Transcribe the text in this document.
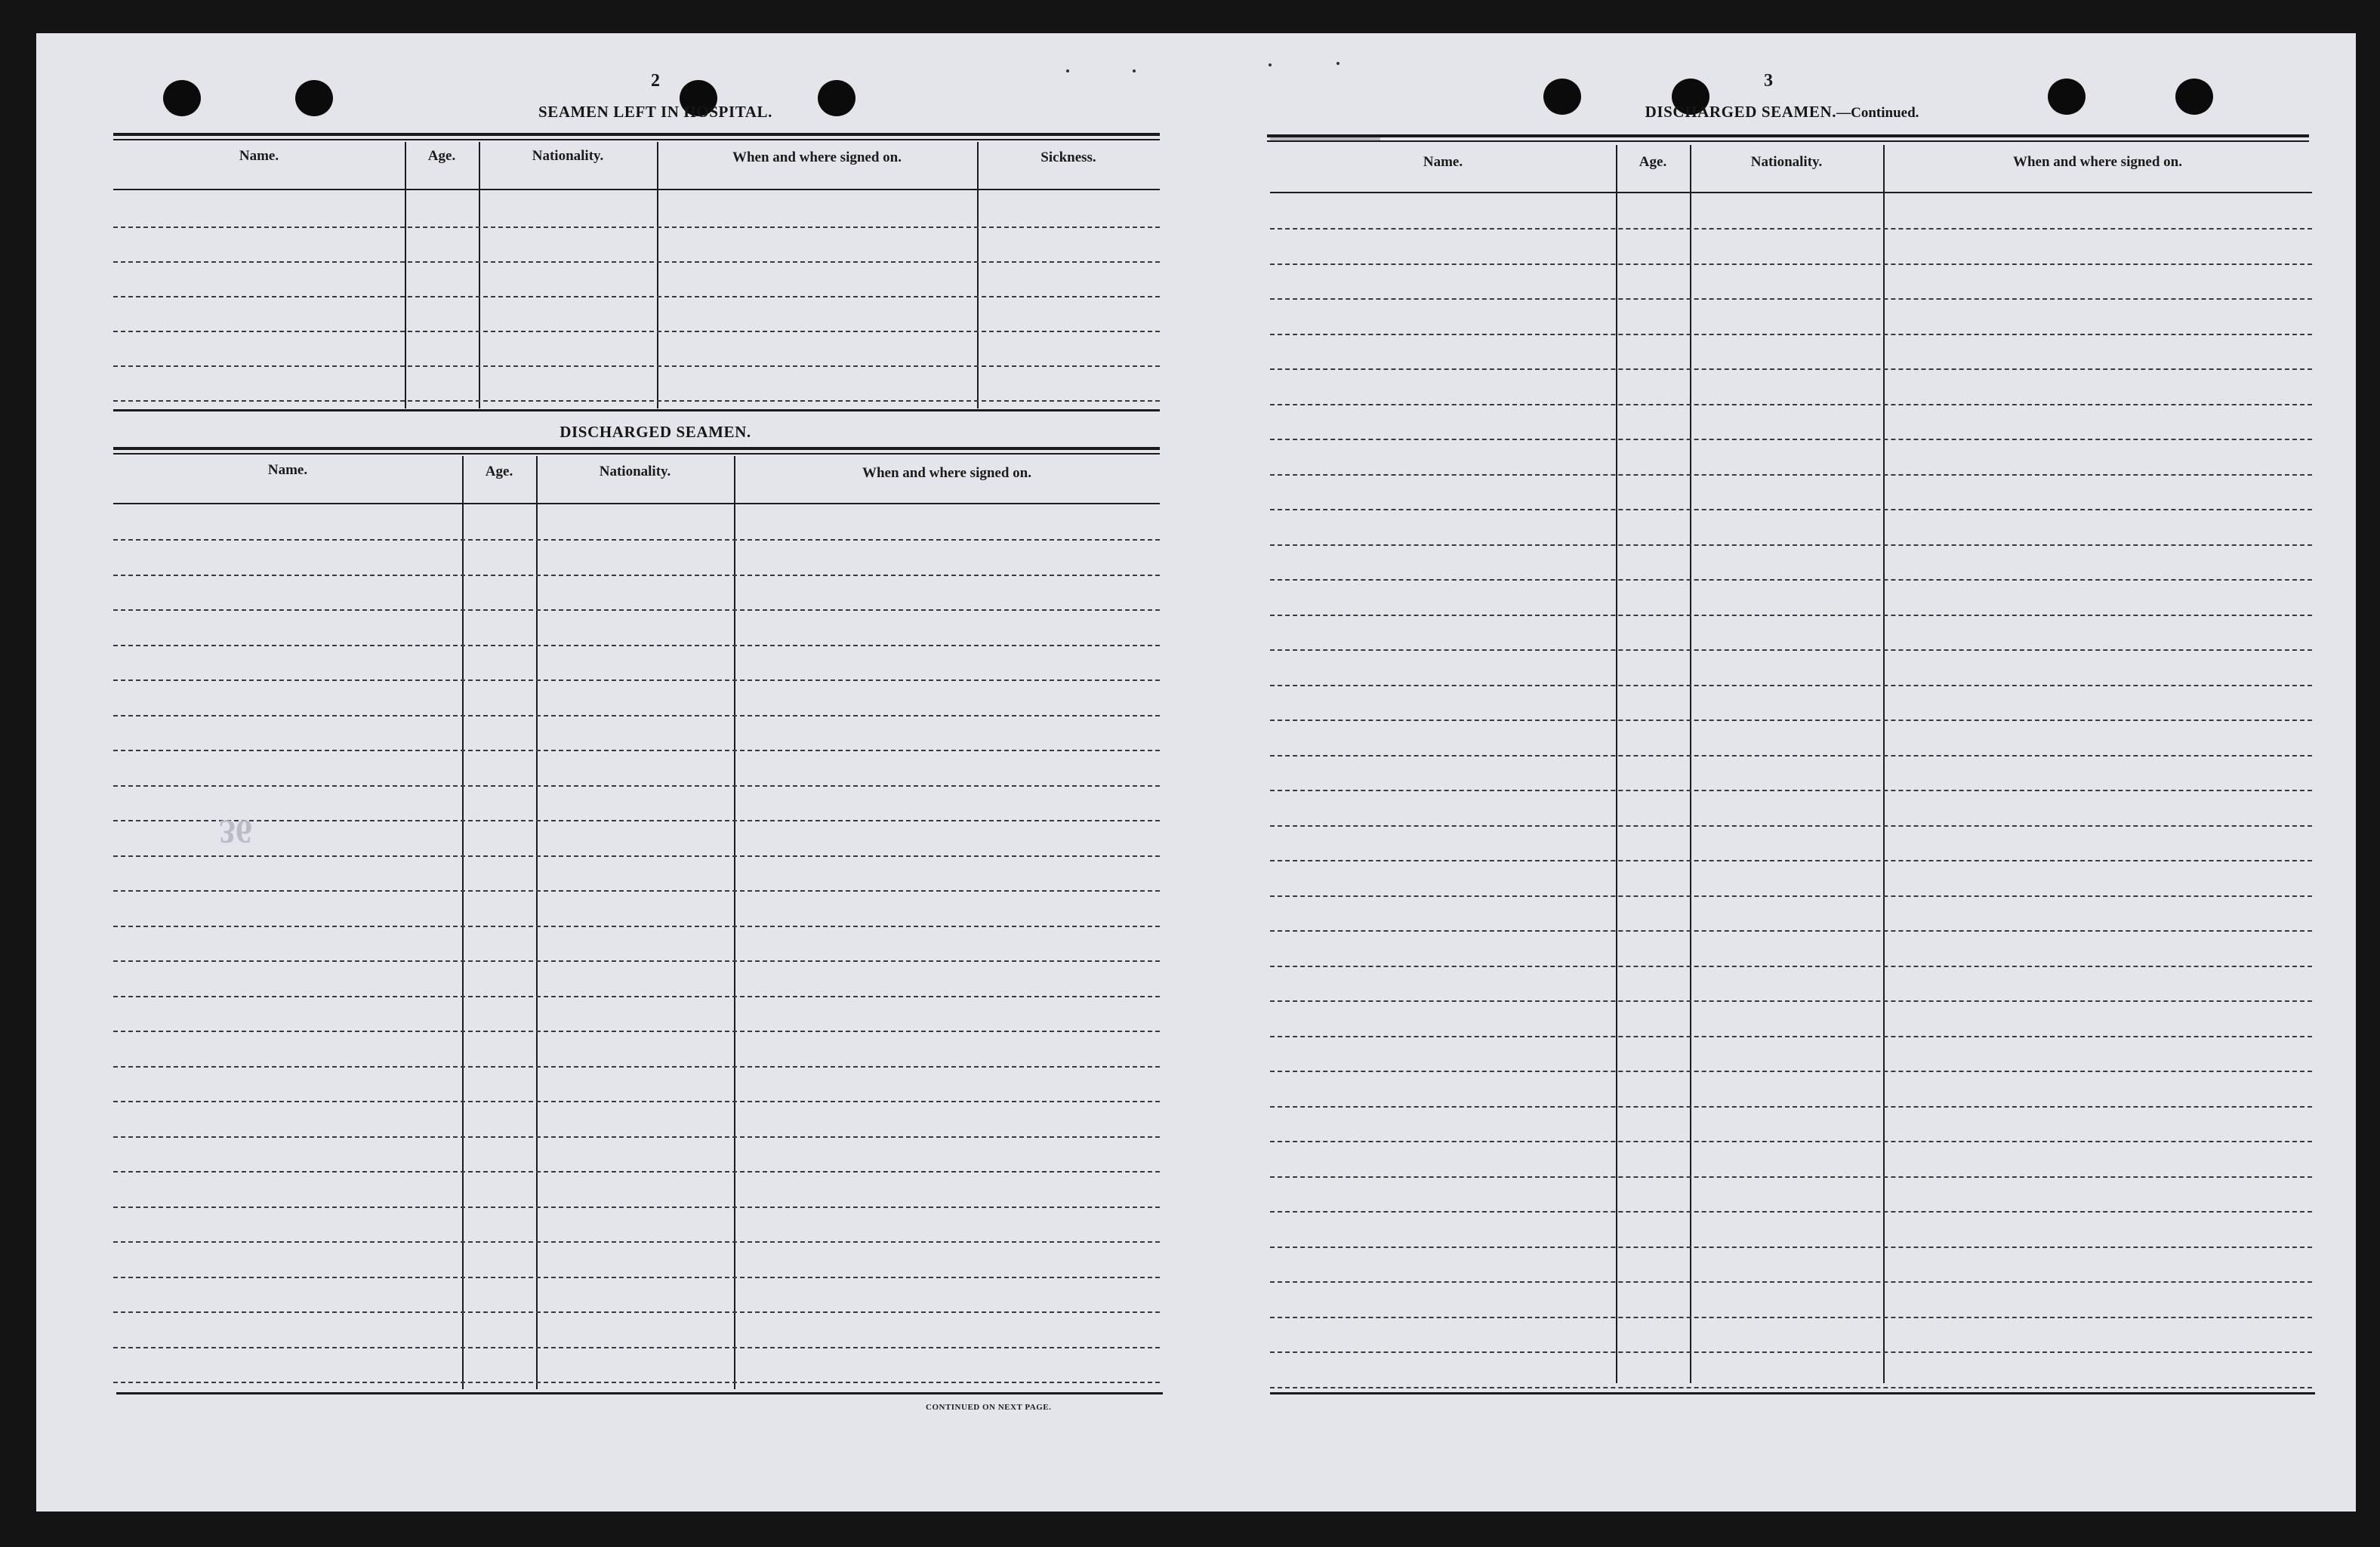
2
SEAMEN LEFT IN HOSPITAL.
Name.	Age.	Nationality.	When and where signed on.	Sickness.
DISCHARGED SEAMEN.
Name.	Age.	Nationality.	When and where signed on.
CONTINUED ON NEXT PAGE.
36
3
DISCHARGED SEAMEN.—Continued.
Name.	Age.	Nationality.	When and where signed on.
